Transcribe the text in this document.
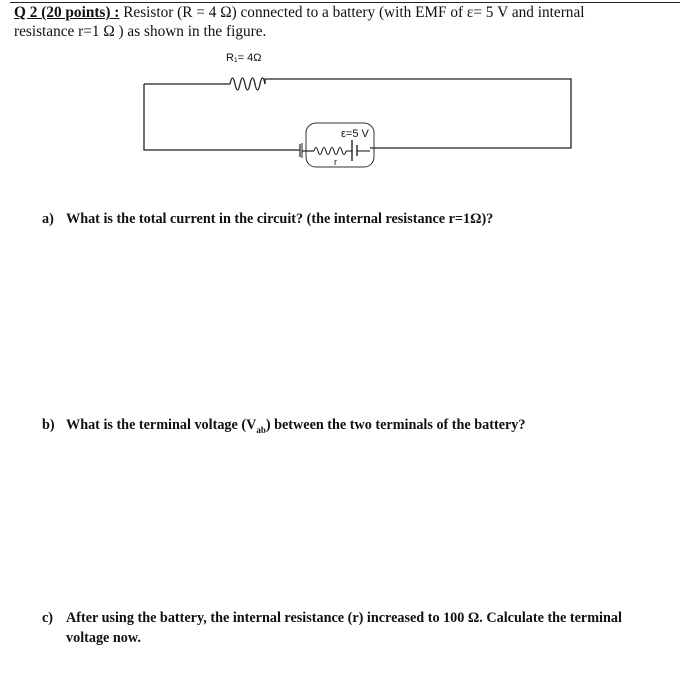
Q 2 (20 points) : Resistor (R = 4 Ω) connected to a battery (with EMF of ε= 5 V and internal
resistance r=1 Ω ) as shown in the figure.
R₁= 4Ω
r
ε=5 V
a) What is the total current in the circuit? (the internal resistance r=1Ω)?
b) What is the terminal voltage $(V_{ab})$ between the two terminals of the battery?
c) After using the battery, the internal resistance (r) increased to 100 Ω. Calculate the terminal
voltage now.
